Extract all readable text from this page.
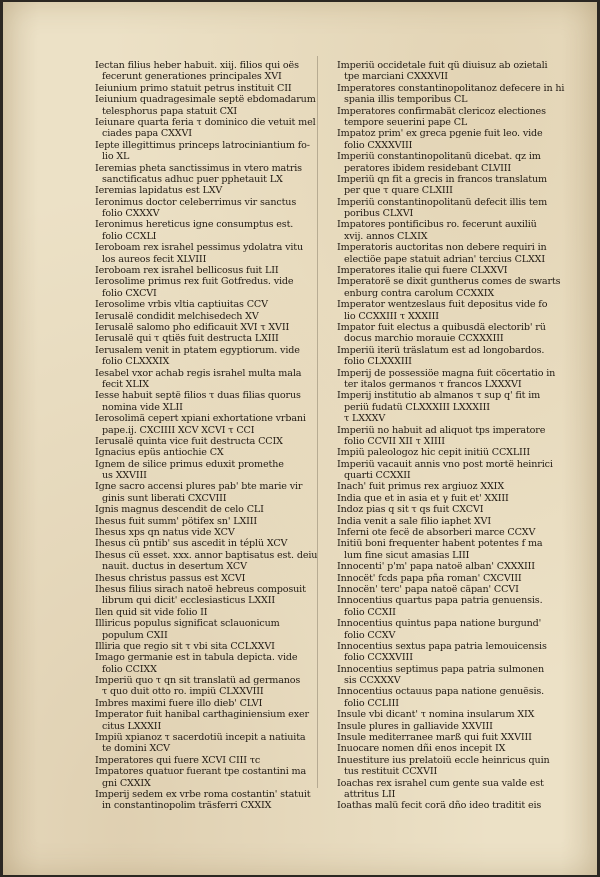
Iectan filius heber habuit. xiij. filios qui oës
fecerunt generationes principales XVI
Ieiunium primo statuit petrus instituit CII
Ieiunium quadragesimale septë ebdomadarum
telesphorus papa statuit CXI
Ieiunare quarta feria τ dominico die vetuit mel
ciades papa CXXVI
Iepte illegittimus princeps latrociniantium fo-
lio XL
Ieremias pheta sanctissimus in vtero matris
sanctificatus adhuc puer pphetauit LX
Ieremias lapidatus est LXV
Ieronimus doctor celeberrimus vir sanctus
folio CXXXV
Ieronimus hereticus igne consumptus est.
folio CCXLI
Ieroboam rex israhel pessimus ydolatra vitu
los aureos fecit XLVIII
Ieroboam rex israhel bellicosus fuit LII
Ierosolime primus rex fuit Gotfredus. vide
folio CXCVI
Ierosolime vrbis vltia captiuitas CCV
Ierusalë condidit melchisedech XV
Ierusalë salomo pho edificauit XVI τ XVII
Ierusalë qui τ qtiës fuit destructa LXIII
Ierusalem venit in ptatem egyptiorum. vide
folio CLXXXIX
Iesabel vxor achab regis israhel multa mala
fecit XLIX
Iesse habuit septë filios τ duas filias quorus
nomina vide XLII
Ierosolimä cepert xpiani exhortatione vrbani
pape.ij. CXCIIII XCV XCVI τ CCI
Ierusalë quinta vice fuit destructa CCIX
Ignacius epüs antiochie CX
Ignem de silice primus eduxit promethe
us XXVIII
Igne sacro accensi plures pab' bte marie vir
ginis sunt liberati CXCVIII
Ignis magnus descendit de celo CLI
Ihesus fuit summ' pötifex sn' LXIII
Ihesus xps qn natus vide XCV
Ihesus cü pntib' sus ascedit in téplü XCV
Ihesus cü esset. xxx. annor baptisatus est. deiu
nauit. ductus in desertum XCV
Ihesus christus passus est XCVI
Ihesus filius sirach natoë hebreus composuit
librum qui dicit' ecclesiasticus LXXII
Ilen quid sit vide folio II
Illiricus populus significat sclauonicum
populum CXII
Illiria que regio sit τ vbi sita CCLXXVI
Imago germanie est in tabula depicta. vide
folio CCIXX
Imperiü quo τ qn sit translatü ad germanos
τ quo duit otto ro. impiü CLXXVIII
Imbres maximi fuere illo dieb' CLVI
Imperator fuit hanibal carthaginiensium exer
citus LXXXII
Impiü xpianoz τ sacerdotiü incepit a natiuita
te domini XCV
Imperatores qui fuere XCVI CIII τc
Impatores quatuor fuerant tpe costantini ma
gni CXXIX
Imperij sedem ex vrbe roma costantin' statuit
in constantinopolim träsferri CXXIX
Imperiü occidetale fuit qü diuisuz ab ozietali
tpe marciani CXXXVII
Imperatores constantinopolitanoz defecere in hi
spania illis temporibus CL
Imperatores confirmabät clericoz electiones
tempore seuerini pape CL
Impatoz prim' ex greca pgenie fuit leo. vide
folio CXXXVIII
Imperiü constantinopolitanü dicebat. qz im
peratores ibidem residebant CLVIII
Imperiü qn fit a grecis in francos translatum
per que τ quare CLXIII
Imperiü constantinopolitanü defecit illis tem
poribus CLXVI
Impatores pontificibus ro. fecerunt auxiliü
xvij. annos CLXIX
Imperatoris auctoritas non debere requiri in
electiöe pape statuit adrian' tercius CLXXI
Imperatores italie qui fuere CLXXVI
Imperatorë se dixit guntherus comes de swarts
enburg contra carolum CCXXIX
Imperator wentzeslaus fuit depositus vide fo
lio CCXXIII τ XXXIII
Impator fuit electus a quibusdä electorib' rü
docus marchio morauie CCXXXIII
Imperiü iterü träslatum est ad longobardos.
folio CLXXXIII
Imperij de possessiöe magna fuit cöcertatio in
ter italos germanos τ francos LXXXVI
Imperij institutio ab almanos τ sup q' fit im
periü fudatü CLXXXIII LXXXIII
τ LXXXV
Imperiü no habuit ad aliquot tps imperatore
folio CCVII XII τ XIIII
Impiü paleologoz hic cepit initiü CCXLIII
Imperiü vacauit annis vno post mortë heinrici
quarti CCXXII
Inach' fuit primus rex argiuoz XXIX
India que et in asia et γ fuit et' XXIII
Indoz pias q sit τ qs fuit CXCVI
India venit a sale filio iaphet XVI
Inferni ote fecë de absorberi marce CCXV
Initiü boni frequenter habent potentes f ma
lum fine sicut amasias LIII
Innocenti' p'm' papa natoë alban' CXXXIII
Innocët' fcds papa pña roman' CXCVIII
Innocën' terc' papa natoë cäpan' CCVI
Innocentius quartus papa patria genuensis.
folio CCXII
Innocentius quintus papa natione burgund'
folio CCXV
Innocentius sextus papa patria lemouicensis
folio CCXXVIII
Innocentius septimus papa patria sulmonen
sis CCXXXV
Innocentius octauus papa natione genuësis.
folio CCLIII
Insule vbi dicant' τ nomina insularum XIX
Insule plures in galliavide XXVIII
Insule mediterranee marß qui fuit XXVIII
Inuocare nomen dñi enos incepit IX
Inuestiture ius prelatoiü eccle heinricus quin
tus restituit CCXVII
Ioachas rex israhel cum gente sua valde est
attritus LII
Ioathas malü fecit corä dño ideo traditit eis
